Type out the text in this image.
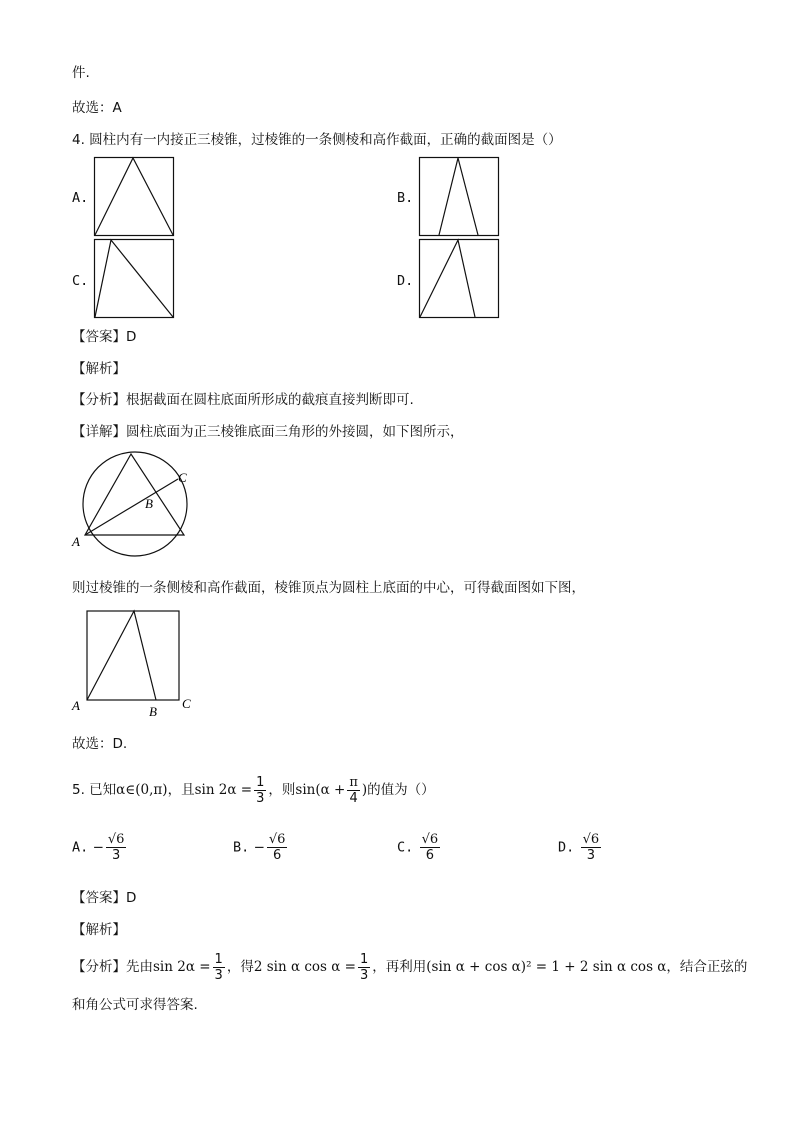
件.
故选：A
4. 圆柱内有一内接正三棱锥，过棱锥的一条侧棱和高作截面，正确的截面图是（）
A.	B.
C.	D.
【答案】D
【解析】
【分析】根据截面在圆柱底面所形成的截痕直接判断即可.
【详解】圆柱底面为正三棱锥底面三角形的外接圆，如下图所示，
A
B
C
则过棱锥的一条侧棱和高作截面，棱锥顶点为圆柱上底面的中心，可得截面图如下图，
A	B
C
故选：D.
5. 已知α∈(0,π)，且$\sin 2\alpha = \frac{1}{3}$ ，则$\sin(\alpha + \frac{\pi}{4}$ )的值为（）
A. − $\frac{√6}{3}$	B. − $\frac{√6}{6}$	C. $\frac{√6}{6}$	D. $\frac{√6}{3}$
【答案】D
【解析】
【分析】先由$\sin 2\alpha = \frac{1}{3}$ ，得2 sin α $\cos \alpha = \frac{1}{3}$ ，再利用(sin α + cos α)² = 1 + 2 sin α cos α，结合正弦的
和角公式可求得答案.
